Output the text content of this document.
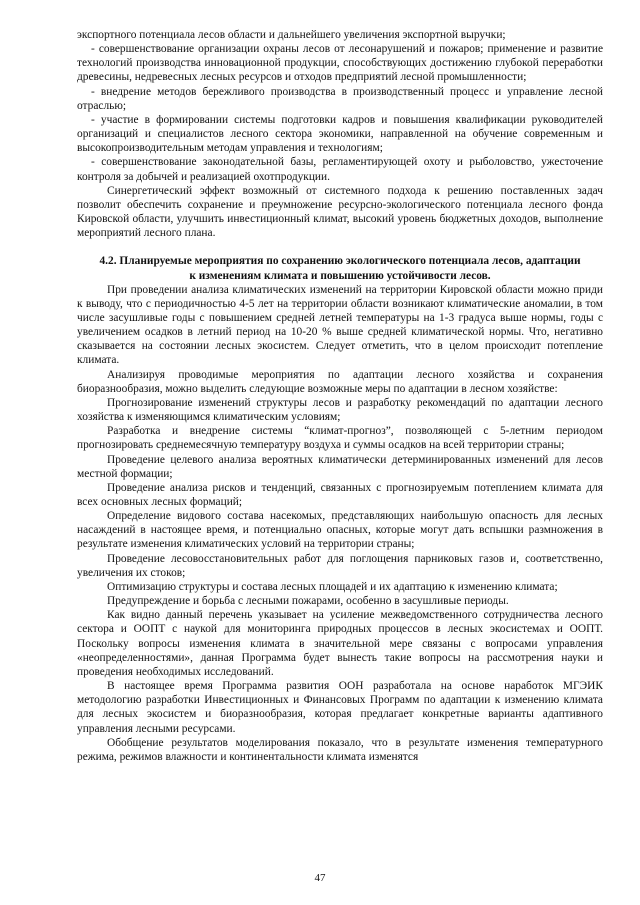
экспортного потенциала лесов области и дальнейшего увеличения экспортной выручки;

- совершенствование организации охраны лесов от лесонарушений и пожаров; применение и развитие технологий производства инновационной продукции, способствующих достижению глубокой переработки древесины, недревесных лесных ресурсов и отходов предприятий лесной промышленности;

- внедрение методов бережливого производства в производственный процесс и управление лесной отраслью;

- участие в формировании системы подготовки кадров и повышения квалификации руководителей организаций и специалистов лесного сектора экономики, направленной на обучение современным и высокопроизводительным методам управления и технологиям;

- совершенствование законодательной базы, регламентирующей охоту и рыболовство, ужесточение контроля за добычей и реализацией охотпродукции.

Синергетический эффект возможный от системного подхода к решению поставленных задач позволит обеспечить сохранение и преумножение ресурсно-экологического потенциала лесного фонда Кировской области, улучшить инвестиционный климат, высокий уровень бюджетных доходов, выполнение мероприятий лесного плана.

4.2. Планируемые мероприятия по сохранению экологического потенциала лесов, адаптации к изменениям климата и повышению устойчивости лесов.

При проведении анализа климатических изменений на территории Кировской области можно приди к выводу, что с периодичностью 4-5 лет на территории области возникают климатические аномалии, в том числе засушливые годы с повышением средней летней температуры на 1-3 градуса выше нормы, годы с увеличением осадков в летний период на 10-20 % выше средней климатической нормы. Что, негативно сказывается на состоянии лесных экосистем. Следует отметить, что в целом происходит потепление климата.

Анализируя проводимые мероприятия по адаптации лесного хозяйства и сохранения биоразнообразия, можно выделить следующие возможные меры по адаптации в лесном хозяйстве:

Прогнозирование изменений структуры лесов и разработку рекомендаций по адаптации лесного хозяйства к изменяющимся климатическим условиям;

Разработка и внедрение системы “климат-прогноз”, позволяющей с 5-летним периодом прогнозировать среднемесячную температуру воздуха и суммы осадков на всей территории страны;

Проведение целевого анализа вероятных климатически детерминированных изменений для лесов местной формации;

Проведение анализа рисков и тенденций, связанных с прогнозируемым потеплением климата для всех основных лесных формаций;

Определение видового состава насекомых, представляющих наибольшую опасность для лесных насаждений в настоящее время, и потенциально опасных, которые могут дать вспышки размножения в результате изменения климатических условий на территории страны;

Проведение лесовосстановительных работ для поглощения парниковых газов и, соответственно, увеличения их стоков;

Оптимизацию структуры и состава лесных площадей и их адаптацию к изменению климата;

Предупреждение и борьба с лесными пожарами, особенно в засушливые периоды.

Как видно данный перечень указывает на усиление межведомственного сотрудничества лесного сектора и ООПТ с наукой для мониторинга природных процессов в лесных экосистемах и ООПТ. Поскольку вопросы изменения климата в значительной мере связаны с вопросами управления «неопределенностями», данная Программа будет вынесть такие вопросы на рассмотрения науки и проведения необходимых исследований.

В настоящее время Программа развития ООН разработала на основе наработок МГЭИК методологию разработки Инвестиционных и Финансовых Программ по адаптации к изменению климата для лесных экосистем и биоразнообразия, которая предлагает конкретные варианты адаптивного управления лесными ресурсами.

Обобщение результатов моделирования показало, что в результате изменения температурного режима, режимов влажности и континентальности климата изменятся

47
